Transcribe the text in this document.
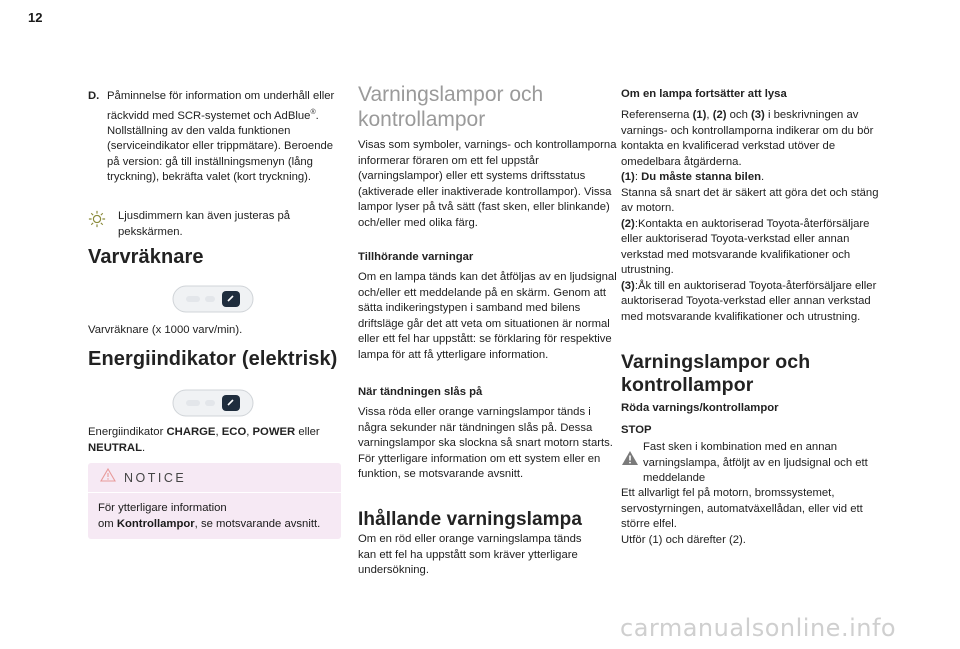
12
D. Påminnelse för information om underhåll eller räckvidd med SCR-systemet och AdBlue®. Nollställning av den valda funktionen (serviceindikator eller trippmätare). Beroende på version: gå till inställningsmenyn (lång tryckning), bekräfta valet (kort tryckning).
Ljusdimmern kan även justeras på pekskärmen.
Varvräknare
Varvräknare (x 1000 varv/min).
Energiindikator (elektrisk)
Energiindikator CHARGE, ECO, POWER eller NEUTRAL.
NOTICE
För ytterligare information
om Kontrollampor, se motsvarande avsnitt.
Varningslampor och kontrollampor
Visas som symboler, varnings- och kontrollamporna informerar föraren om ett fel uppstår (varningslampor) eller ett systems driftsstatus (aktiverade eller inaktiverade kontrollampor). Vissa lampor lyser på två sätt (fast sken, eller blinkande) och/eller med olika färg.
Tillhörande varningar
Om en lampa tänds kan det åtföljas av en ljudsignal och/eller ett meddelande på en skärm. Genom att sätta indikeringstypen i samband med bilens driftsläge går det att veta om situationen är normal eller ett fel har uppstått: se förklaring för respektive lampa för att få ytterligare information.
När tändningen slås på
Vissa röda eller orange varningslampor tänds i några sekunder när tändningen slås på. Dessa varningslampor ska slockna så snart motorn starts.
För ytterligare information om ett system eller en funktion, se motsvarande avsnitt.
Ihållande varningslampa
Om en röd eller orange varningslampa tänds kan ett fel ha uppstått som kräver ytterligare undersökning.
Om en lampa fortsätter att lysa
Referenserna (1), (2) och (3) i beskrivningen av varnings- och kontrollamporna indikerar om du bör kontakta en kvalificerad verkstad utöver de omedelbara åtgärderna.
(1): Du måste stanna bilen.
Stanna så snart det är säkert att göra det och stäng av motorn.
(2):Kontakta en auktoriserad Toyota-återförsäljare eller auktoriserad Toyota-verkstad eller annan verkstad med motsvarande kvalifikationer och utrustning.
(3):Åk till en auktoriserad Toyota-återförsäljare eller auktoriserad Toyota-verkstad eller annan verkstad med motsvarande kvalifikationer och utrustning.
Varningslampor och kontrollampor
Röda varnings/kontrollampor
STOP
Fast sken i kombination med en annan varningslampa, åtföljt av en ljudsignal och ett meddelande
Ett allvarligt fel på motorn, bromssystemet, servostyrningen, automatväxellådan, eller vid ett större elfel.
Utför (1) och därefter (2).
carmanualsonline.info
